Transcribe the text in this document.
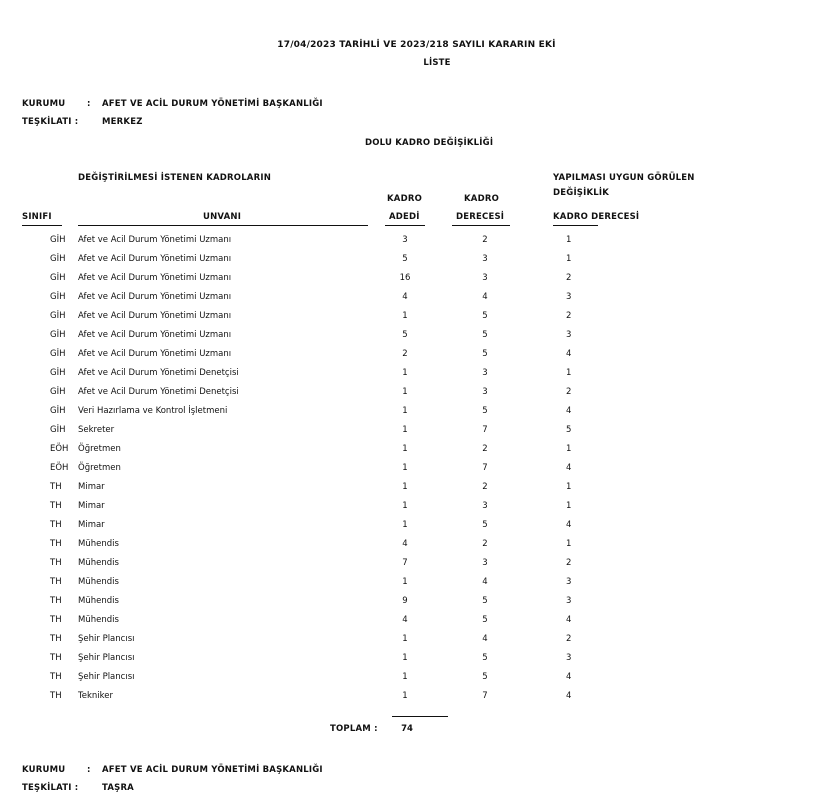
17/04/2023 TARİHLİ VE 2023/218 SAYILI KARARIN EKİ
LİSTE
KURUMU	: AFET VE ACİL DURUM YÖNETİMİ BAŞKANLIĞI
TEŞKİLATI :	MERKEZ
DOLU KADRO DEĞİŞİKLİĞİ
DEĞİŞTİRİLMESİ İSTENEN KADROLARIN	YAPILMASI UYGUN GÖRÜLEN
DEĞİŞİKLİK
KADRO	KADRO
SINIFI	UNVANI	ADEDİ	DERECESİ	KADRO DERECESİ
GİH	Afet ve Acil Durum Yönetimi Uzmanı	3	2	1
GİH	Afet ve Acil Durum Yönetimi Uzmanı	5	3	1
GİH	Afet ve Acil Durum Yönetimi Uzmanı	16	3	2
GİH	Afet ve Acil Durum Yönetimi Uzmanı	4	4	3
GİH	Afet ve Acil Durum Yönetimi Uzmanı	1	5	2
GİH	Afet ve Acil Durum Yönetimi Uzmanı	5	5	3
GİH	Afet ve Acil Durum Yönetimi Uzmanı	2	5	4
GİH	Afet ve Acil Durum Yönetimi Denetçisi	1	3	1
GİH	Afet ve Acil Durum Yönetimi Denetçisi	1	3	2
GİH	Veri Hazırlama ve Kontrol İşletmeni	1	5	4
GİH	Sekreter	1	7	5
EÖH	Öğretmen	1	2	1
EÖH	Öğretmen	1	7	4
TH	Mimar	1	2	1
TH	Mimar	1	3	1
TH	Mimar	1	5	4
TH	Mühendis	4	2	1
TH	Mühendis	7	3	2
TH	Mühendis	1	4	3
TH	Mühendis	9	5	3
TH	Mühendis	4	5	4
TH	Şehir Plancısı	1	4	2
TH	Şehir Plancısı	1	5	3
TH	Şehir Plancısı	1	5	4
TH	Tekniker	1	7	4
TOPLAM :	74
KURUMU	: AFET VE ACİL DURUM YÖNETİMİ BAŞKANLIĞI
TEŞKİLATI :	TAŞRA
